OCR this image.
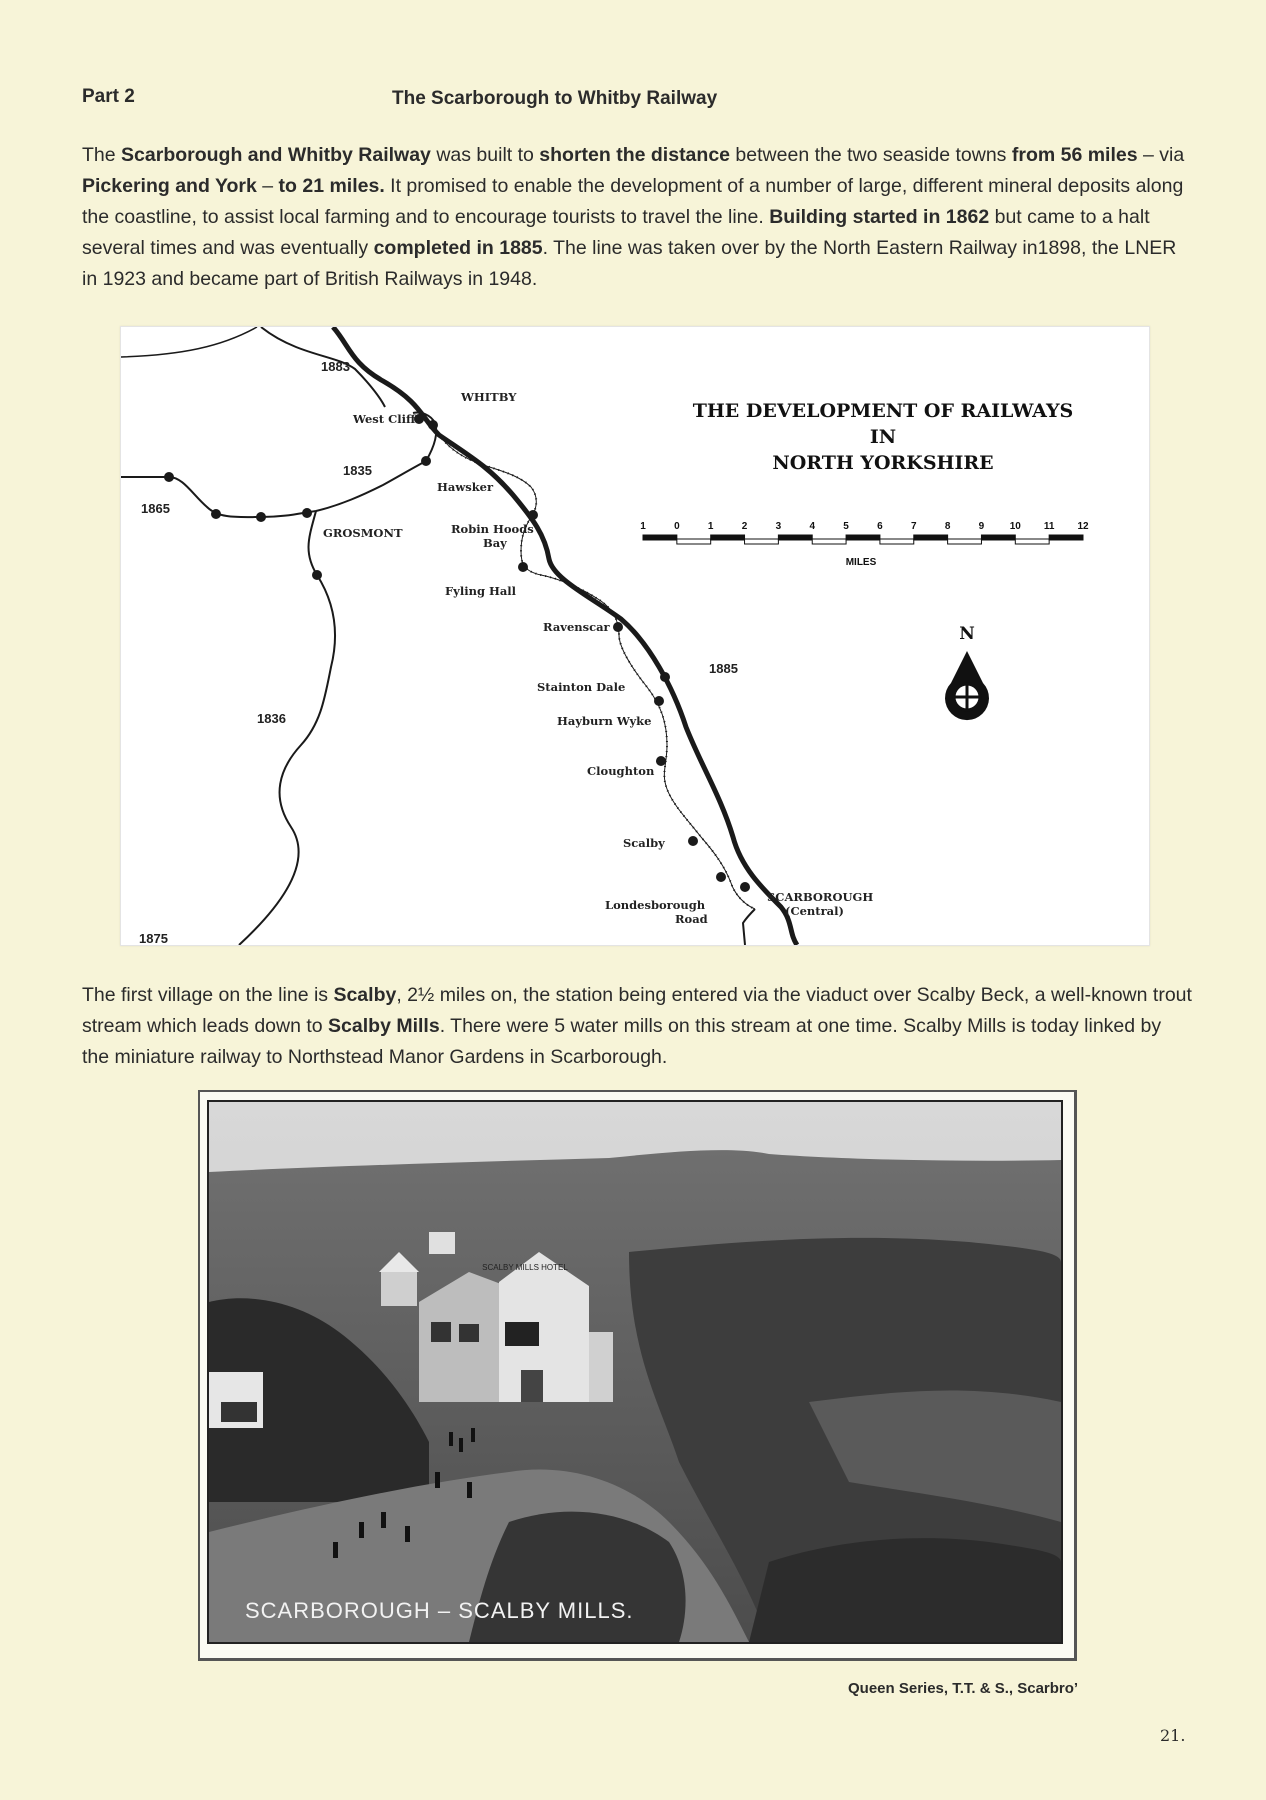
Part 2	The Scarborough to Whitby Railway
The Scarborough and Whitby Railway was built to shorten the distance between the two seaside towns from 56 miles – via Pickering and York – to 21 miles. It promised to enable the development of a number of large, different mineral deposits along the coastline, to assist local farming and to encourage tourists to travel the line. Building started in 1862 but came to a halt several times and was eventually completed in 1885. The line was taken over by the North Eastern Railway in1898, the LNER in 1923 and became part of British Railways in 1948.
THE DEVELOPMENT OF RAILWAYS
IN
NORTH YORKSHIRE
1	0	1	2	3	4	5	6	7	8	9	10 11 12
MILES
N
1883
1835
1865
1836
1885
1875
WHITBY
West Cliff
Hawsker
GROSMONT	Robin Hoods
Bay
Fyling Hall
Ravenscar
Stainton Dale
Hayburn Wyke
Cloughton
Scalby
Londesborough
Road
SCARBOROUGH
(Central)
The first village on the line is Scalby, 2½ miles on, the station being entered via the viaduct over Scalby Beck, a well-known trout stream which leads down to Scalby Mills. There were 5 water mills on this stream at one time. Scalby Mills is today linked by the miniature railway to Northstead Manor Gardens in Scarborough.
SCALBY MILLS HOTEL
SCARBOROUGH – SCALBY MILLS.
Queen Series, T.T. & S., Scarbro’
21.
